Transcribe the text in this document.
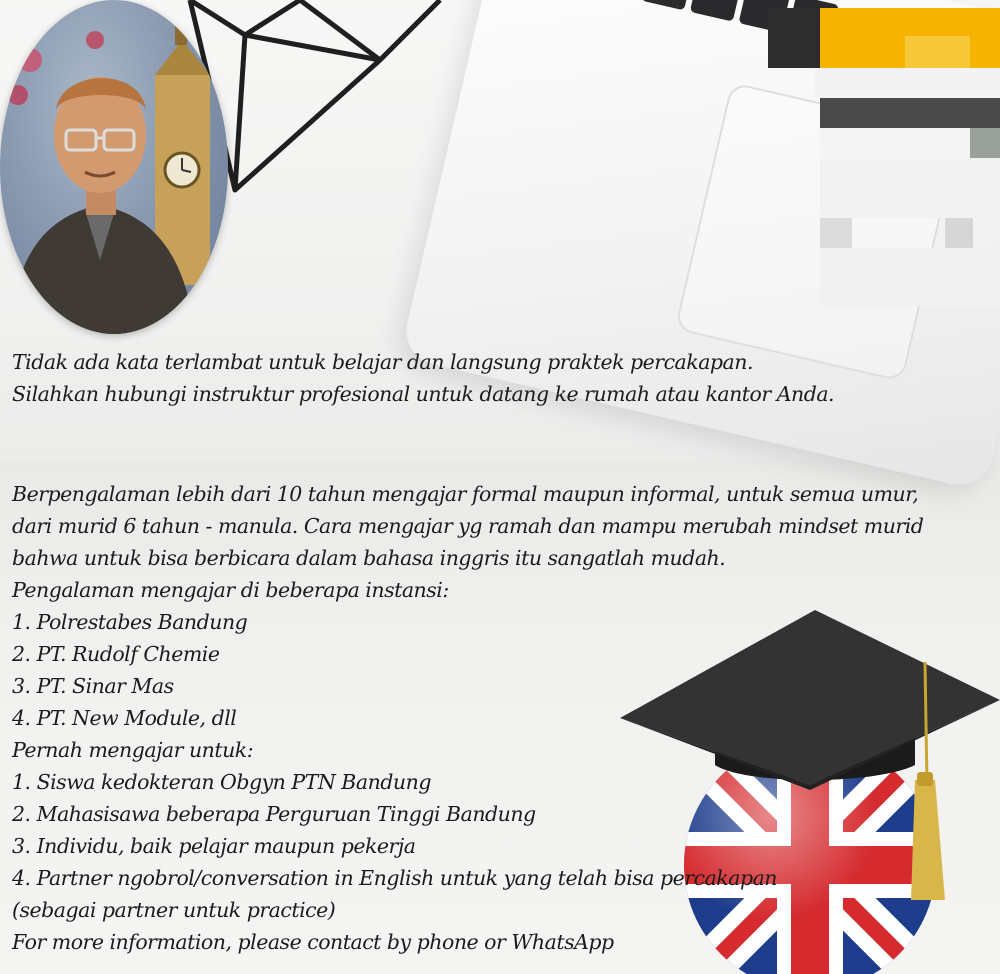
Tidak ada kata terlambat untuk belajar dan langsung praktek percakapan.
Silahkan hubungi instruktur profesional untuk datang ke rumah atau kantor Anda.
Berpengalaman lebih dari 10 tahun mengajar formal maupun informal, untuk semua umur,
dari murid 6 tahun - manula. Cara mengajar yg ramah dan mampu merubah mindset murid
bahwa untuk bisa berbicara dalam bahasa inggris itu sangatlah mudah.
Pengalaman mengajar di beberapa instansi:
1. Polrestabes Bandung
2. PT. Rudolf Chemie
3. PT. Sinar Mas
4. PT. New Module, dll
Pernah mengajar untuk:
1. Siswa kedokteran Obgyn PTN Bandung
2. Mahasisawa beberapa Perguruan Tinggi Bandung
3. Individu, baik pelajar maupun pekerja
4. Partner ngobrol/conversation in English untuk yang telah bisa percakapan
(sebagai partner untuk practice)
For more information, please contact by phone or WhatsApp
